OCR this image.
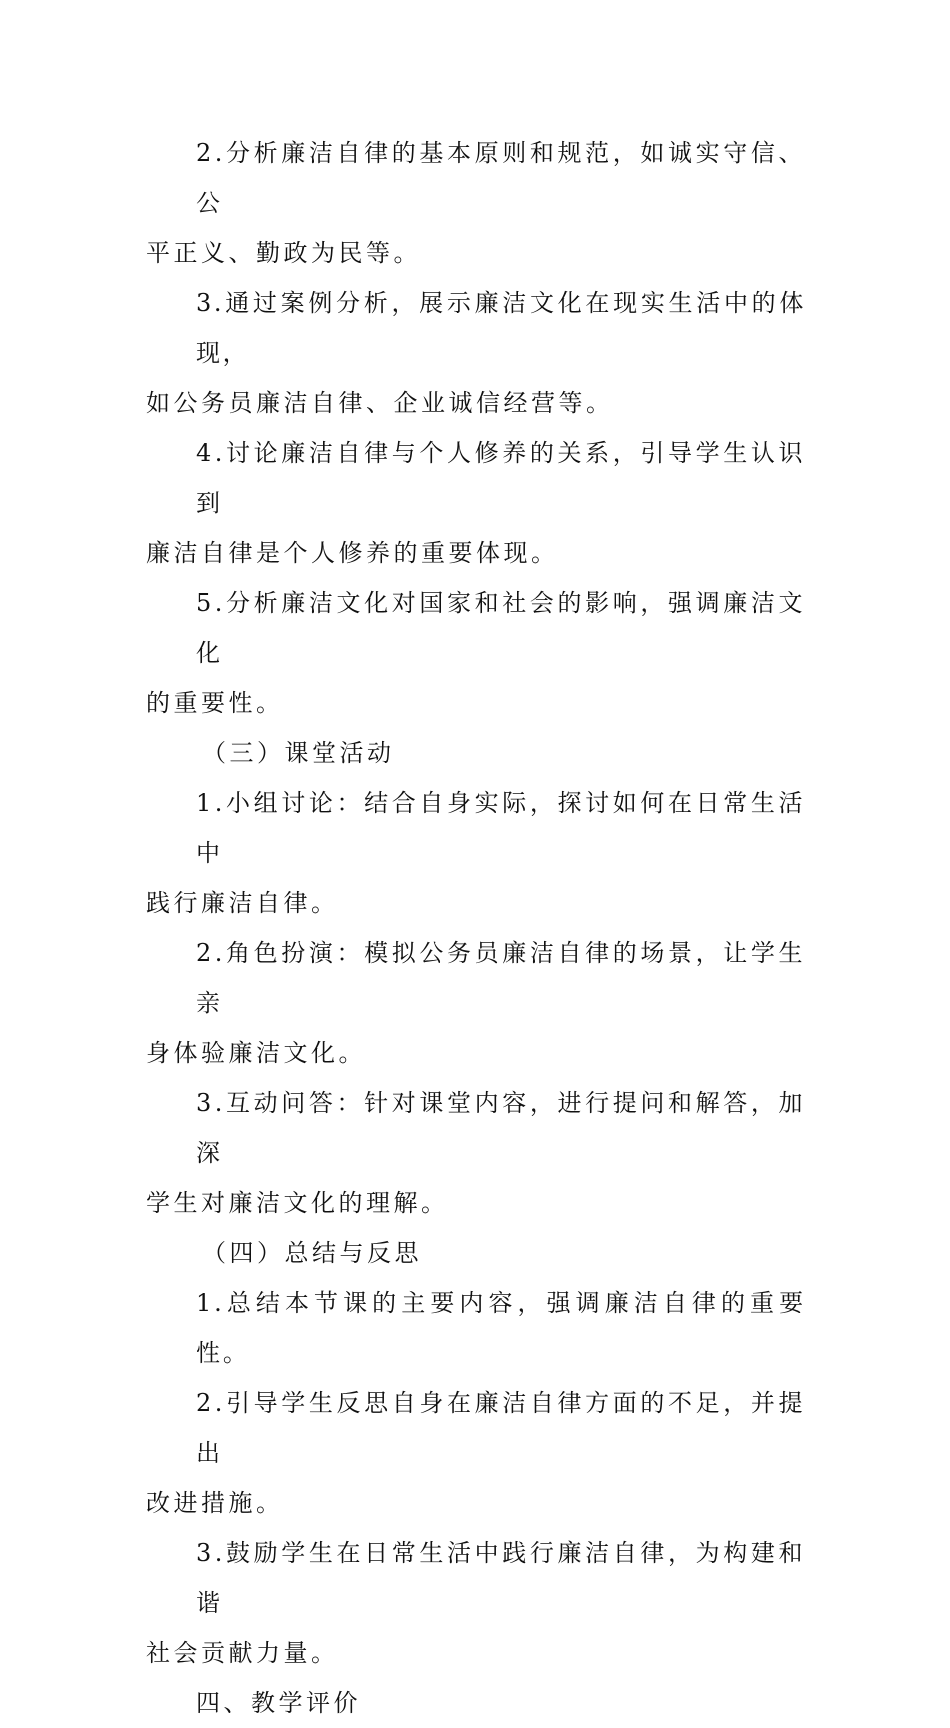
2.分析廉洁自律的基本原则和规范，如诚实守信、公
平正义、勤政为民等。
3.通过案例分析，展示廉洁文化在现实生活中的体现，
如公务员廉洁自律、企业诚信经营等。
4.讨论廉洁自律与个人修养的关系，引导学生认识到
廉洁自律是个人修养的重要体现。
5.分析廉洁文化对国家和社会的影响，强调廉洁文化
的重要性。
（三）课堂活动
1.小组讨论：结合自身实际，探讨如何在日常生活中
践行廉洁自律。
2.角色扮演：模拟公务员廉洁自律的场景，让学生亲
身体验廉洁文化。
3.互动问答：针对课堂内容，进行提问和解答，加深
学生对廉洁文化的理解。
（四）总结与反思
1.总结本节课的主要内容，强调廉洁自律的重要性。
2.引导学生反思自身在廉洁自律方面的不足，并提出
改进措施。
3.鼓励学生在日常生活中践行廉洁自律，为构建和谐
社会贡献力量。
四、教学评价
